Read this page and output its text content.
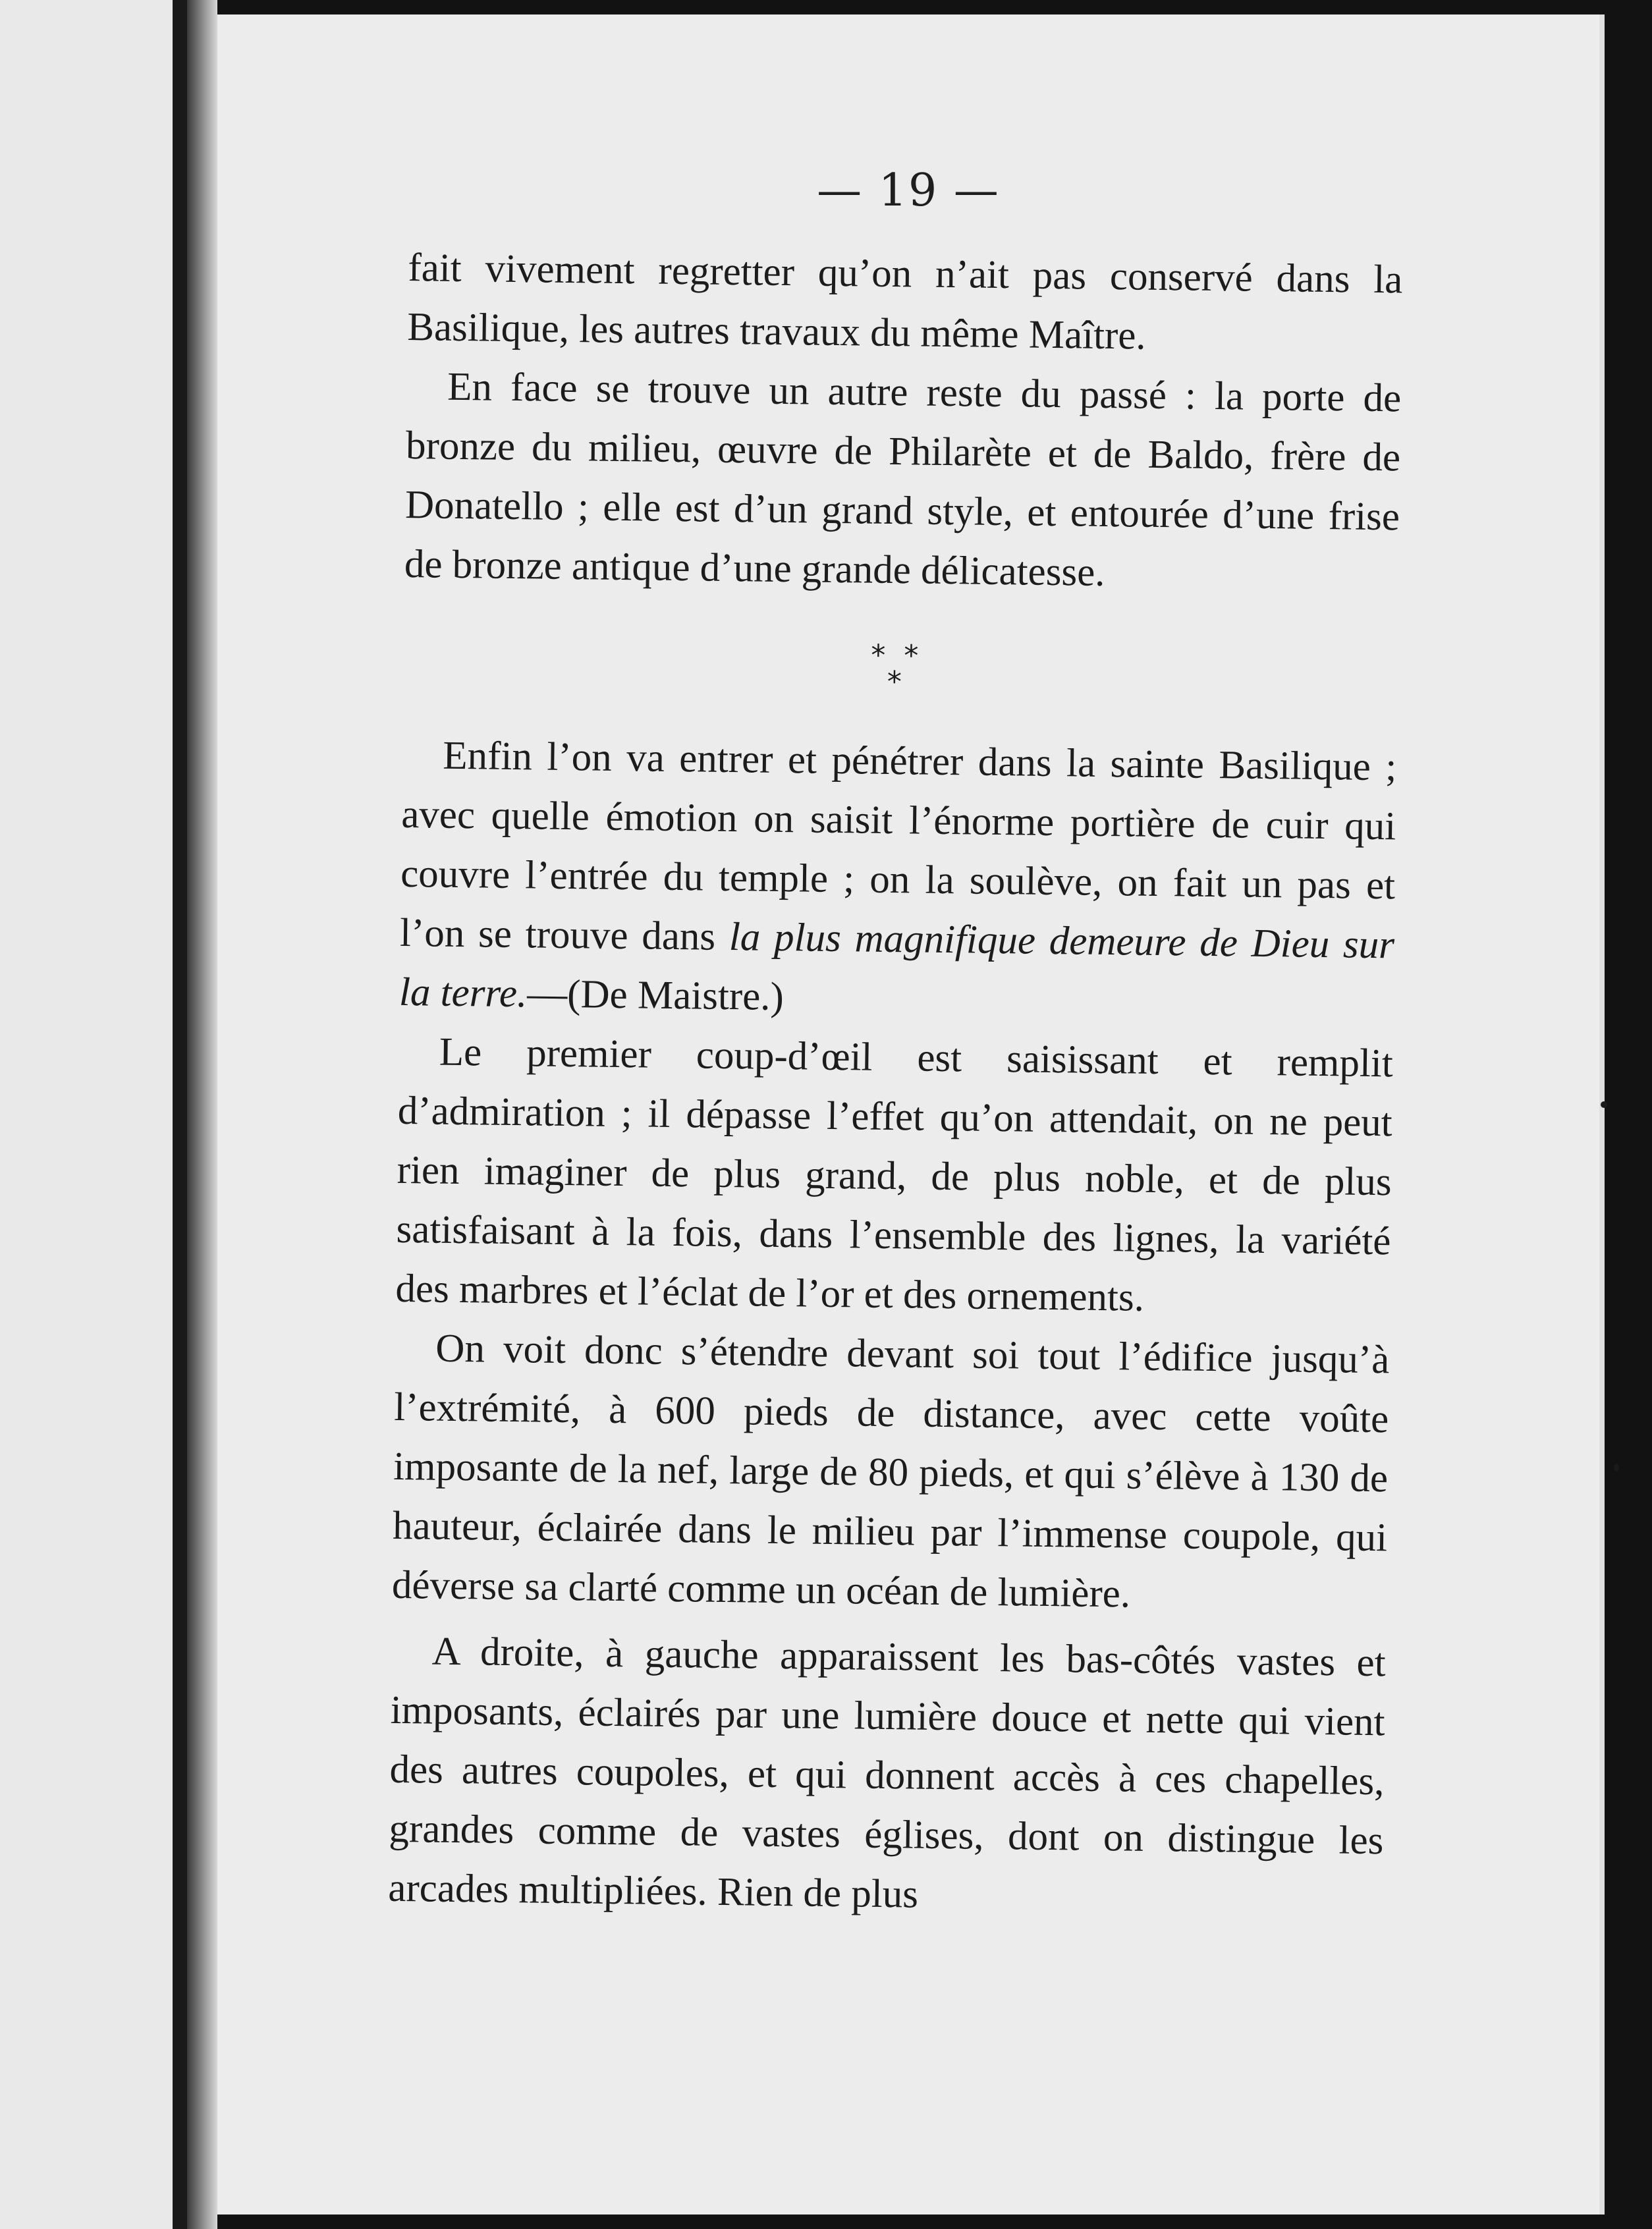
— 19 —

fait vivement regretter qu’on n’ait pas conservé dans la Basilique, les autres travaux du même Maître.

En face se trouve un autre reste du passé : la porte de bronze du milieu, œuvre de Philarète et de Baldo, frère de Donatello ; elle est d’un grand style, et entourée d’une frise de bronze antique d’une grande délicatesse.

* *
*

Enfin l’on va entrer et pénétrer dans la sainte Basilique ; avec quelle émotion on saisit l’énorme portière de cuir qui couvre l’entrée du temple ; on la soulève, on fait un pas et l’on se trouve dans la plus magnifique demeure de Dieu sur la terre.—(De Maistre.)

Le premier coup-d’œil est saisissant et remplit d’admiration ; il dépasse l’effet qu’on attendait, on ne peut rien imaginer de plus grand, de plus noble, et de plus satisfaisant à la fois, dans l’ensemble des lignes, la variété des marbres et l’éclat de l’or et des ornements.

On voit donc s’étendre devant soi tout l’édifice jusqu’à l’extrémité, à 600 pieds de distance, avec cette voûte imposante de la nef, large de 80 pieds, et qui s’élève à 130 de hauteur, éclairée dans le milieu par l’immense coupole, qui déverse sa clarté comme un océan de lumière.

A droite, à gauche apparaissent les bas-côtés vastes et imposants, éclairés par une lumière douce et nette qui vient des autres coupoles, et qui donnent accès à ces chapelles, grandes comme de vastes églises, dont on distingue les arcades multipliées. Rien de plus
